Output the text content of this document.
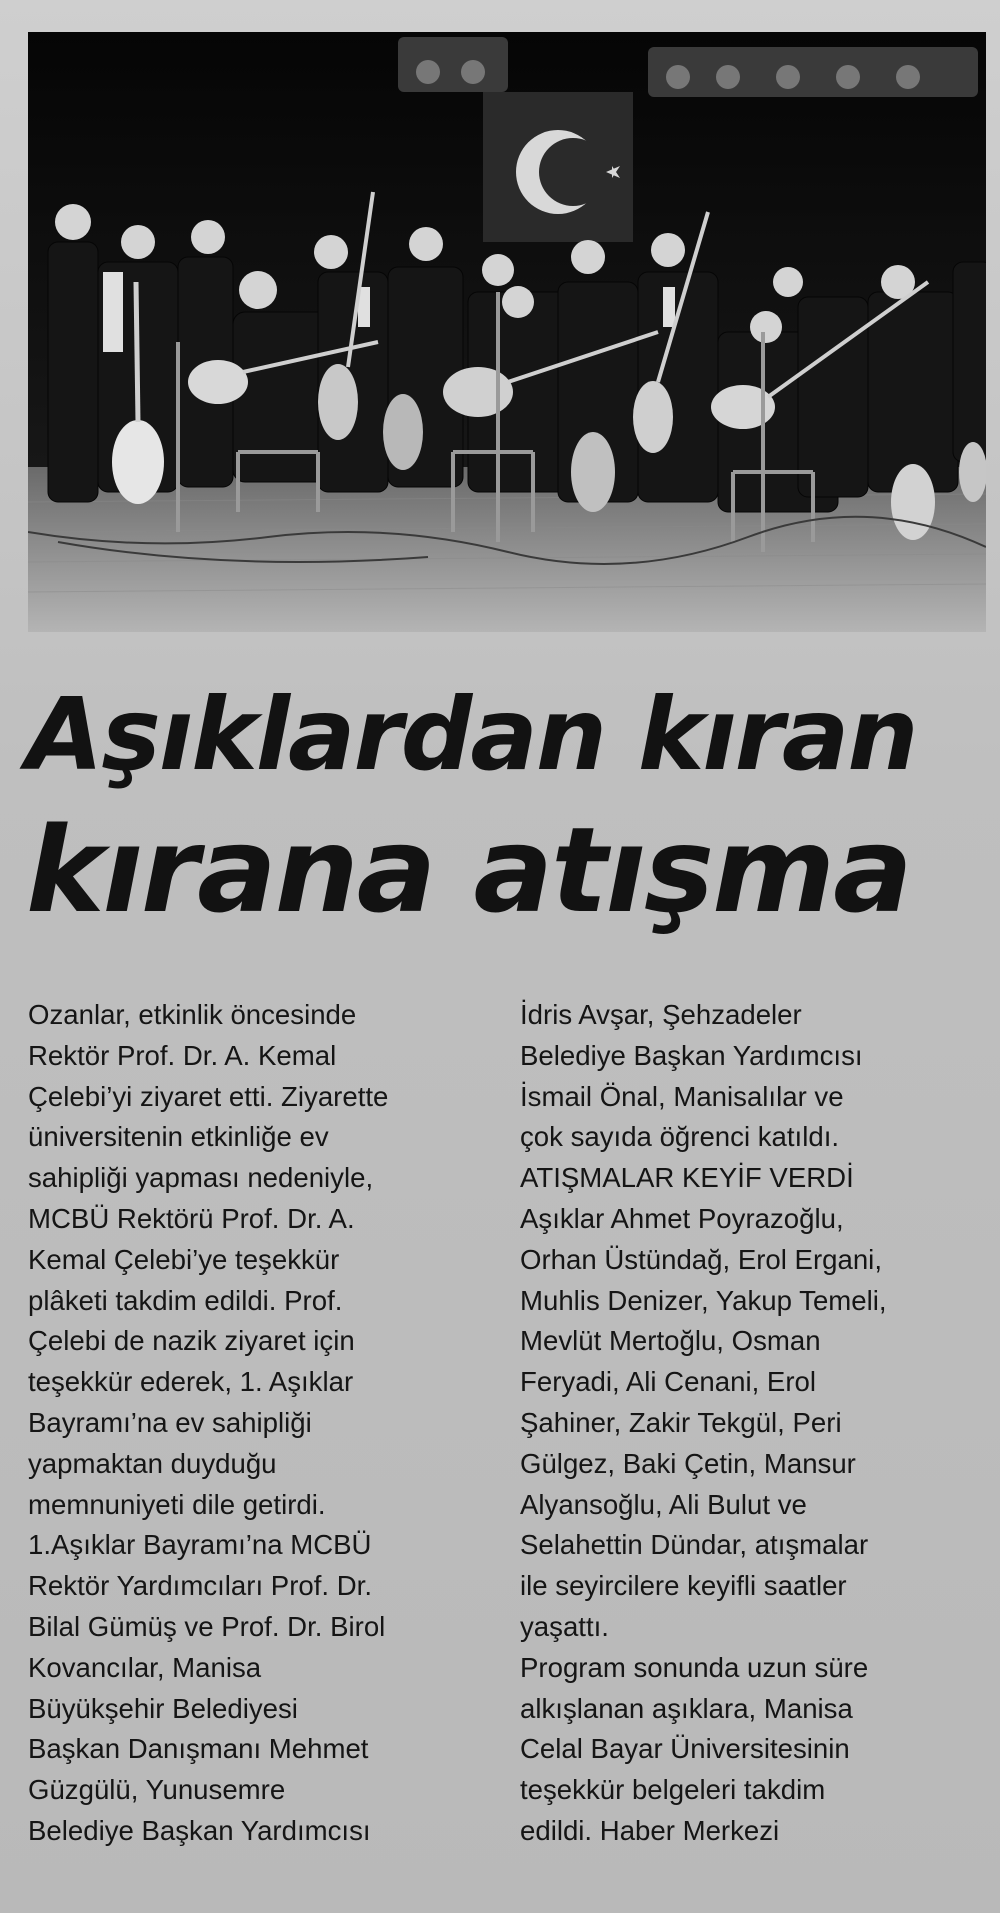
Aşıklardan kıran
kırana atışma
Ozanlar, etkinlik öncesinde
Rektör Prof. Dr. A. Kemal
Çelebi’yi ziyaret etti. Ziyarette
üniversitenin etkinliğe ev
sahipliği yapması nedeniyle,
MCBÜ Rektörü Prof. Dr. A.
Kemal Çelebi’ye teşekkür
plâketi takdim edildi. Prof.
Çelebi de nazik ziyaret için
teşekkür ederek, 1. Aşıklar
Bayramı’na ev sahipliği
yapmaktan duyduğu
memnuniyeti dile getirdi.
1.Aşıklar Bayramı’na MCBÜ
Rektör Yardımcıları Prof. Dr.
Bilal Gümüş ve Prof. Dr. Birol
Kovancılar, Manisa
Büyükşehir Belediyesi
Başkan Danışmanı Mehmet
Güzgülü, Yunusemre
Belediye Başkan Yardımcısı
İdris Avşar, Şehzadeler
Belediye Başkan Yardımcısı
İsmail Önal, Manisalılar ve
çok sayıda öğrenci katıldı.
ATIŞMALAR KEYİF VERDİ
Aşıklar Ahmet Poyrazoğlu,
Orhan Üstündağ, Erol Ergani,
Muhlis Denizer, Yakup Temeli,
Mevlüt Mertoğlu, Osman
Feryadi, Ali Cenani, Erol
Şahiner, Zakir Tekgül, Peri
Gülgez, Baki Çetin, Mansur
Alyansoğlu, Ali Bulut ve
Selahettin Dündar, atışmalar
ile seyircilere keyifli saatler
yaşattı.
Program sonunda uzun süre
alkışlanan aşıklara, Manisa
Celal Bayar Üniversitesinin
teşekkür belgeleri takdim
edildi. Haber Merkezi
